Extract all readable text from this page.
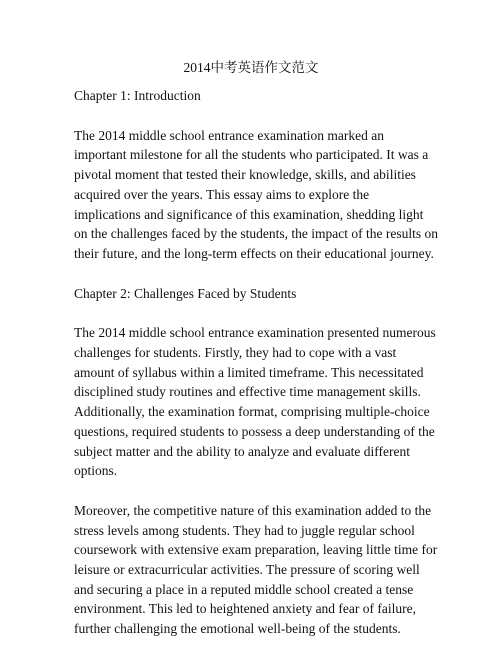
2014中考英语作文范文
Chapter 1: Introduction
The 2014 middle school entrance examination marked an
important milestone for all the students who participated. It was a
pivotal moment that tested their knowledge, skills, and abilities
acquired over the years. This essay aims to explore the
implications and significance of this examination, shedding light
on the challenges faced by the students, the impact of the results on
their future, and the long-term effects on their educational journey.
Chapter 2: Challenges Faced by Students
The 2014 middle school entrance examination presented numerous
challenges for students. Firstly, they had to cope with a vast
amount of syllabus within a limited timeframe. This necessitated
disciplined study routines and effective time management skills.
Additionally, the examination format, comprising multiple-choice
questions, required students to possess a deep understanding of the
subject matter and the ability to analyze and evaluate different
options.
Moreover, the competitive nature of this examination added to the
stress levels among students. They had to juggle regular school
coursework with extensive exam preparation, leaving little time for
leisure or extracurricular activities. The pressure of scoring well
and securing a place in a reputed middle school created a tense
environment. This led to heightened anxiety and fear of failure,
further challenging the emotional well-being of the students.
